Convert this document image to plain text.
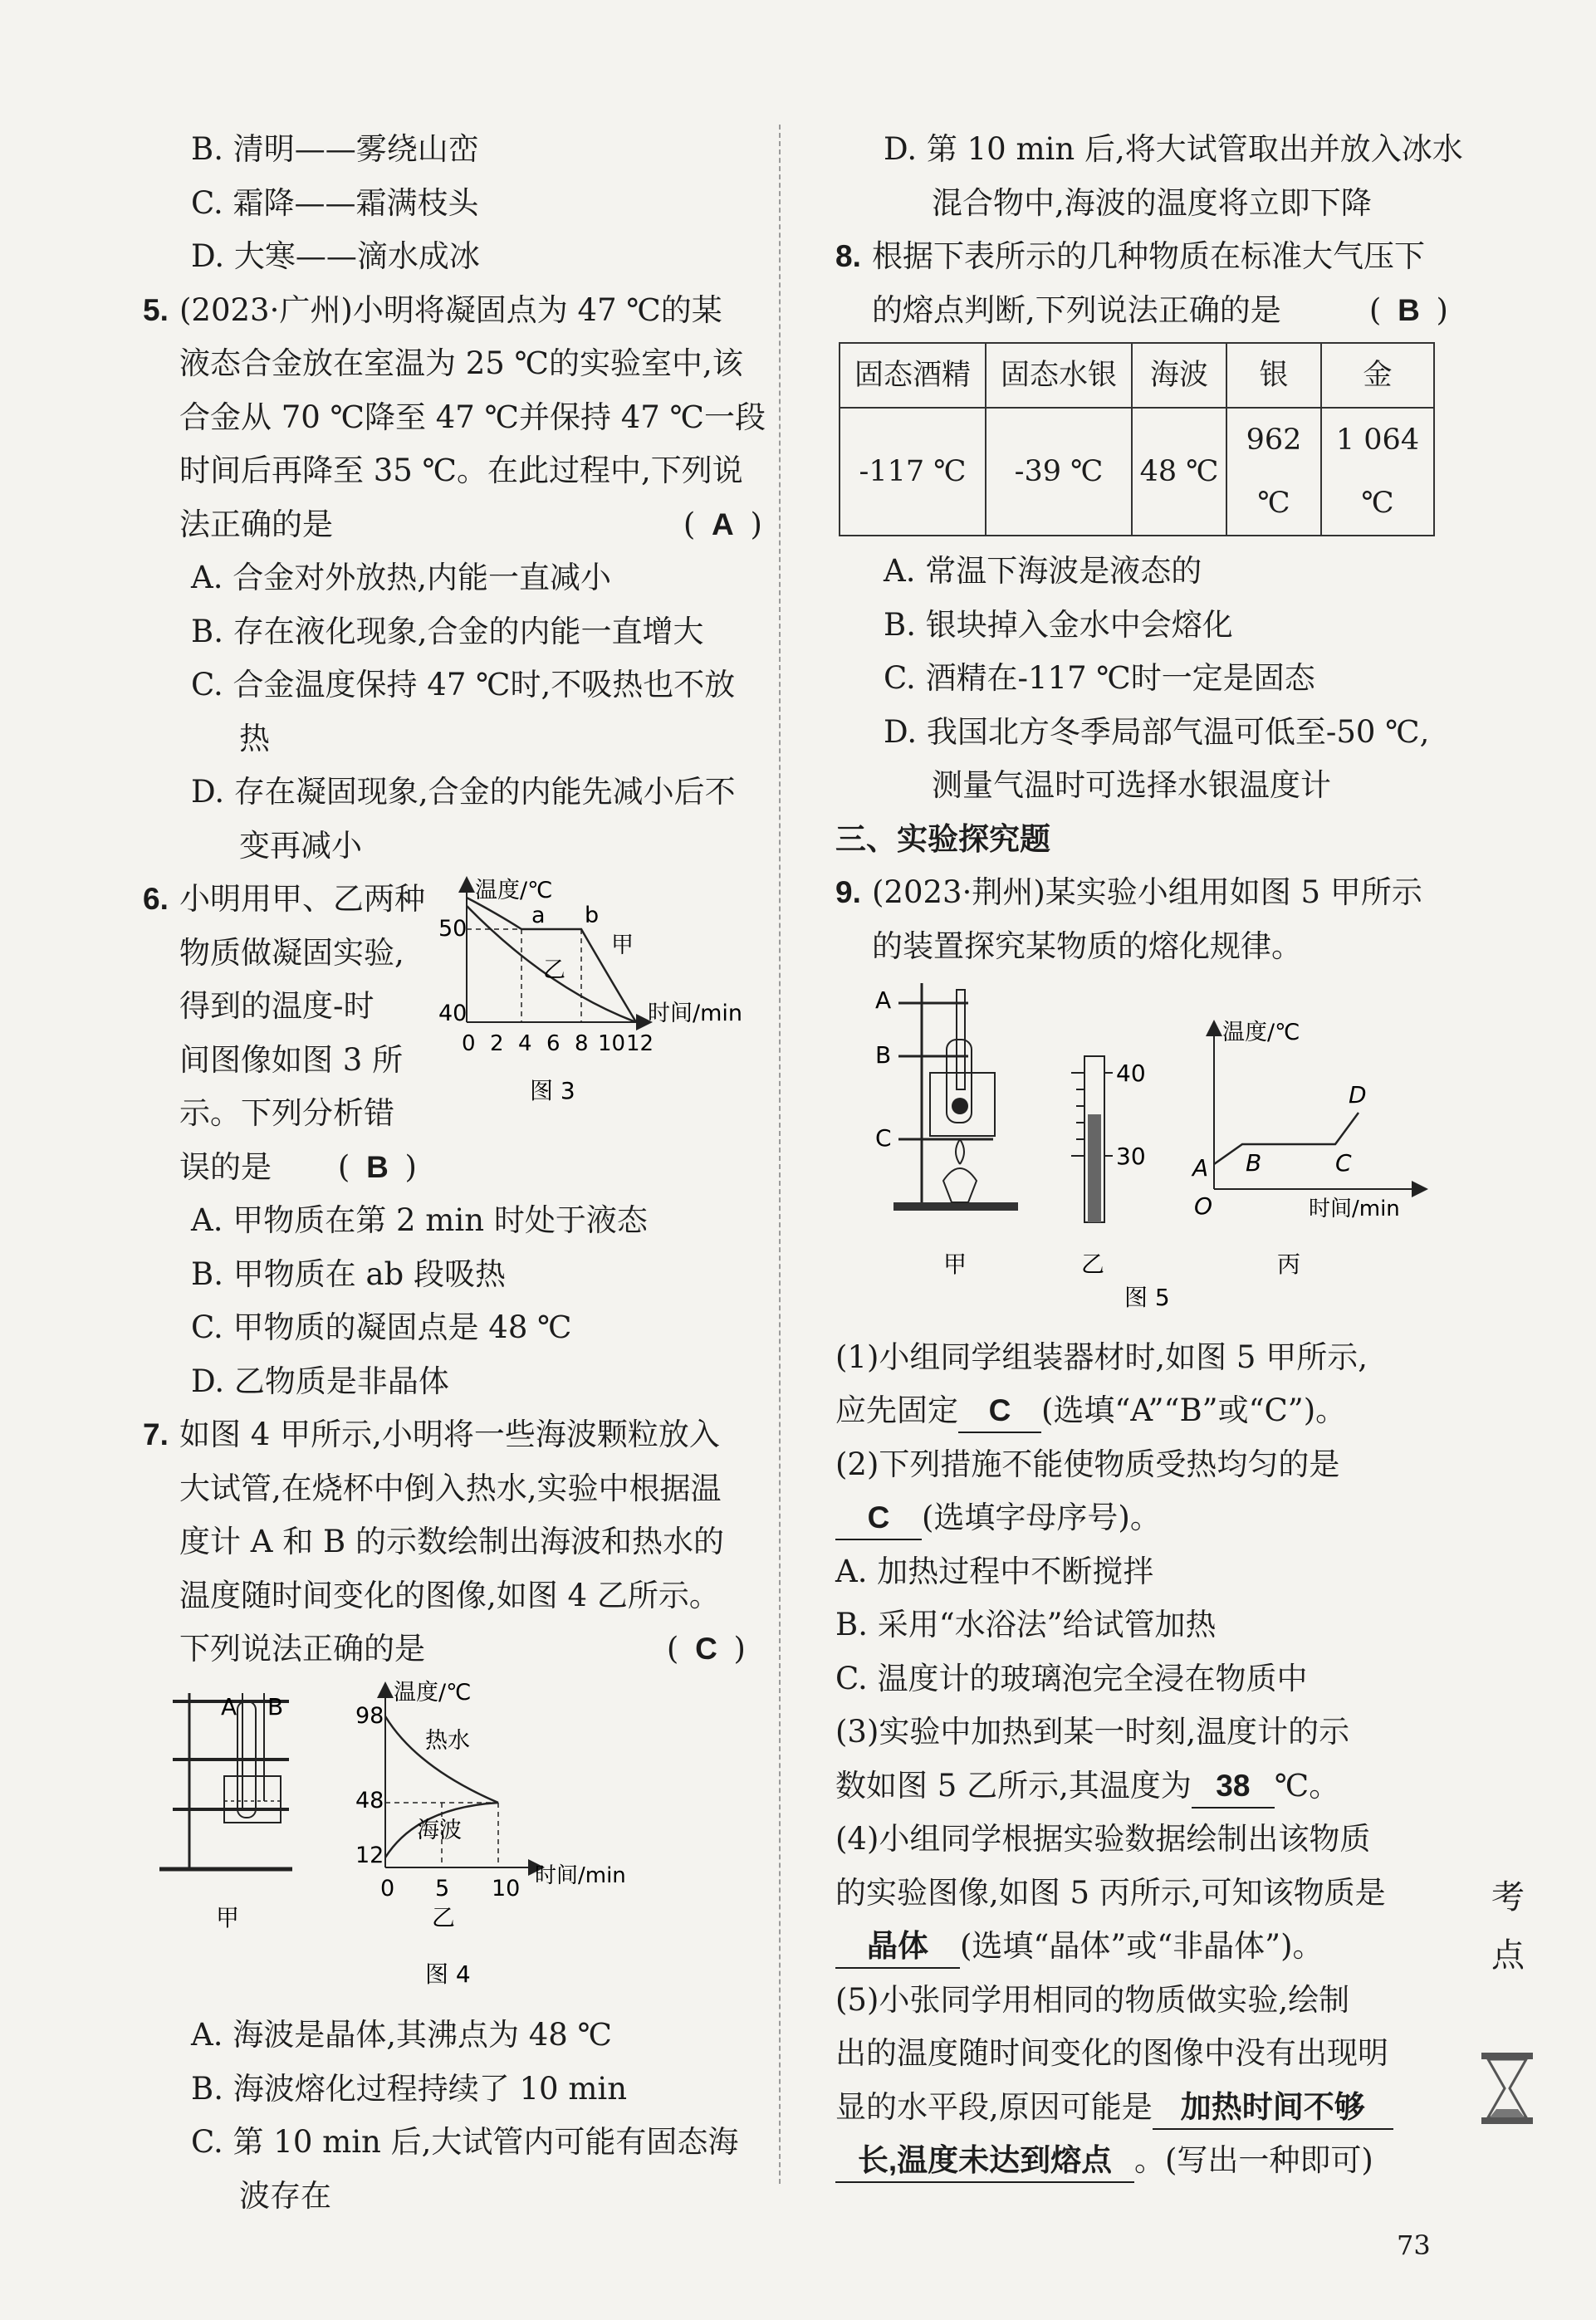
B. 清明——雾绕山峦

C. 霜降——霜满枝头

D. 大寒——滴水成冰

5. (2023·广州)小明将凝固点为 47 ℃的某

液态合金放在室温为 25 ℃的实验室中,该

合金从 70 ℃降至 47 ℃并保持 47 ℃一段

时间后再降至 35 ℃。在此过程中,下列说

法正确的是	( A )

A. 合金对外放热,内能一直减小

B. 存在液化现象,合金的内能一直增大

C. 合金温度保持 47 ℃时,不吸热也不放热

D. 存在凝固现象,合金的内能先减小后不变再减小

6. 小明用甲、乙两种

物质做凝固实验,

得到的温度-时

间图像如图 3 所

示。下列分析错

误的是 ( B )
温度/℃
时间/min
50
40
0 2 4 6 8 10 12
a b
甲
乙
图 3

A. 甲物质在第 2 min 时处于液态

B. 甲物质在 ab 段吸热

C. 甲物质的凝固点是 48 ℃

D. 乙物质是非晶体

7. 如图 4 甲所示,小明将一些海波颗粒放入

大试管,在烧杯中倒入热水,实验中根据温

度计 A 和 B 的示数绘制出海波和热水的

温度随时间变化的图像,如图 4 乙所示。

下列说法正确的是	( C )
A B
甲
温度/℃
时间/min
98
48
12
0 5 10
热水
海波
乙
图 4

A. 海波是晶体,其沸点为 48 ℃

B. 海波熔化过程持续了 10 min

C. 第 10 min 后,大试管内可能有固态海波存在

D. 第 10 min 后,将大试管取出并放入冰水

混合物中,海波的温度将立即下降

8. 根据下表所示的几种物质在标准大气压下

的熔点判断,下列说法正确的是	( B )
固态酒精	固态水银	海波	银	金
-117 ℃	-39 ℃	48 ℃	962 ℃	1 064 ℃

A. 常温下海波是液态的

B. 银块掉入金水中会熔化

C. 酒精在-117 ℃时一定是固态

D. 我国北方冬季局部气温可低至-50 ℃,

测量气温时可选择水银温度计

三、实验探究题

9. (2023·荆州)某实验小组用如图 5 甲所示

的装置探究某物质的熔化规律。

A
B
C
甲
40
30
乙
温度/℃
时间/min
O
A B	C
D
丙
图 5

(1)小组同学组装器材时,如图 5 甲所示,

应先固定 C (选填“A”“B”或“C”)。

(2)下列措施不能使物质受热均匀的是

C (选填字母序号)。

A. 加热过程中不断搅拌

B. 采用“水浴法”给试管加热

C. 温度计的玻璃泡完全浸在物质中

(3)实验中加热到某一时刻,温度计的示

数如图 5 乙所示,其温度为 38 ℃。

(4)小组同学根据实验数据绘制出该物质

的实验图像,如图 5 丙所示,可知该物质是

晶体 (选填“晶体”或“非晶体”)。

(5)小张同学用相同的物质做实验,绘制

出的温度随时间变化的图像中没有出现明

显的水平段,原因可能是 加热时间不够

长,温度未达到熔点 。(写出一种即可)

考
点
73
